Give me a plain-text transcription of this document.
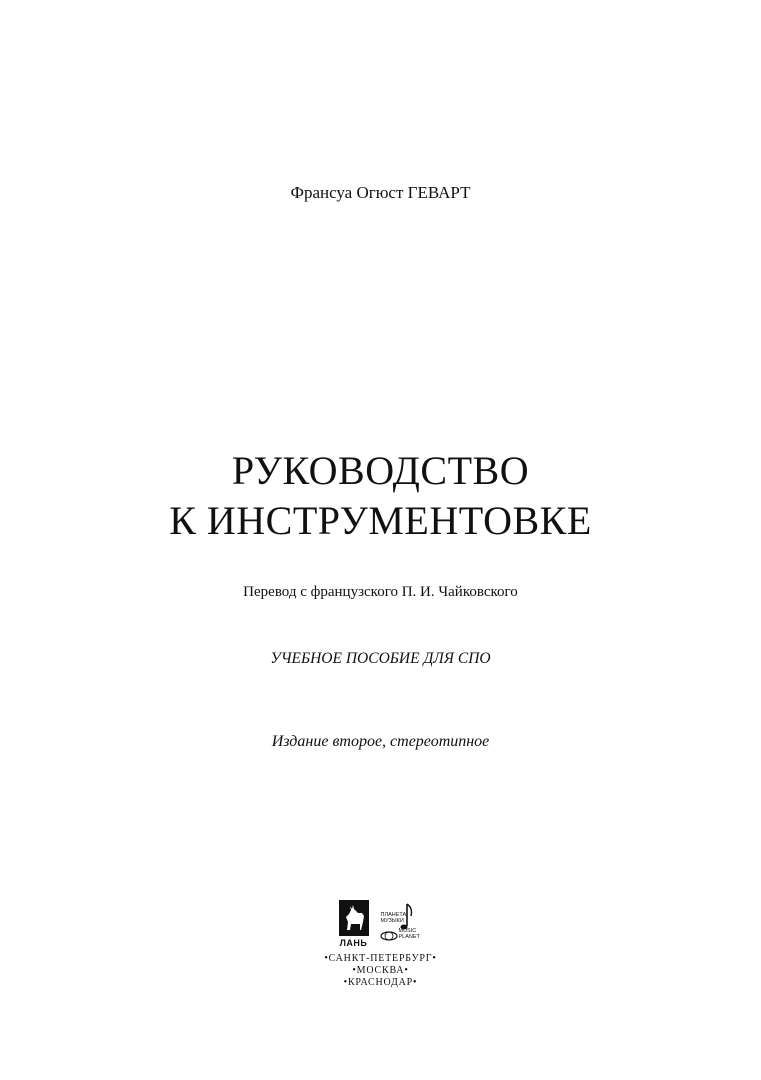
Франсуа Огюст ГЕВАРТ
РУКОВОДСТВО
К ИНСТРУМЕНТОВКЕ
Перевод с французского П. И. Чайковского
УЧЕБНОЕ ПОСОБИЕ ДЛЯ СПО
Издание второе, стереотипное
ЛАНЬ
ПЛАНЕТА МУЗЫКИ
MUSIC PLANET
•САНКТ-ПЕТЕРБУРГ•
•МОСКВА•
•КРАСНОДАР•
